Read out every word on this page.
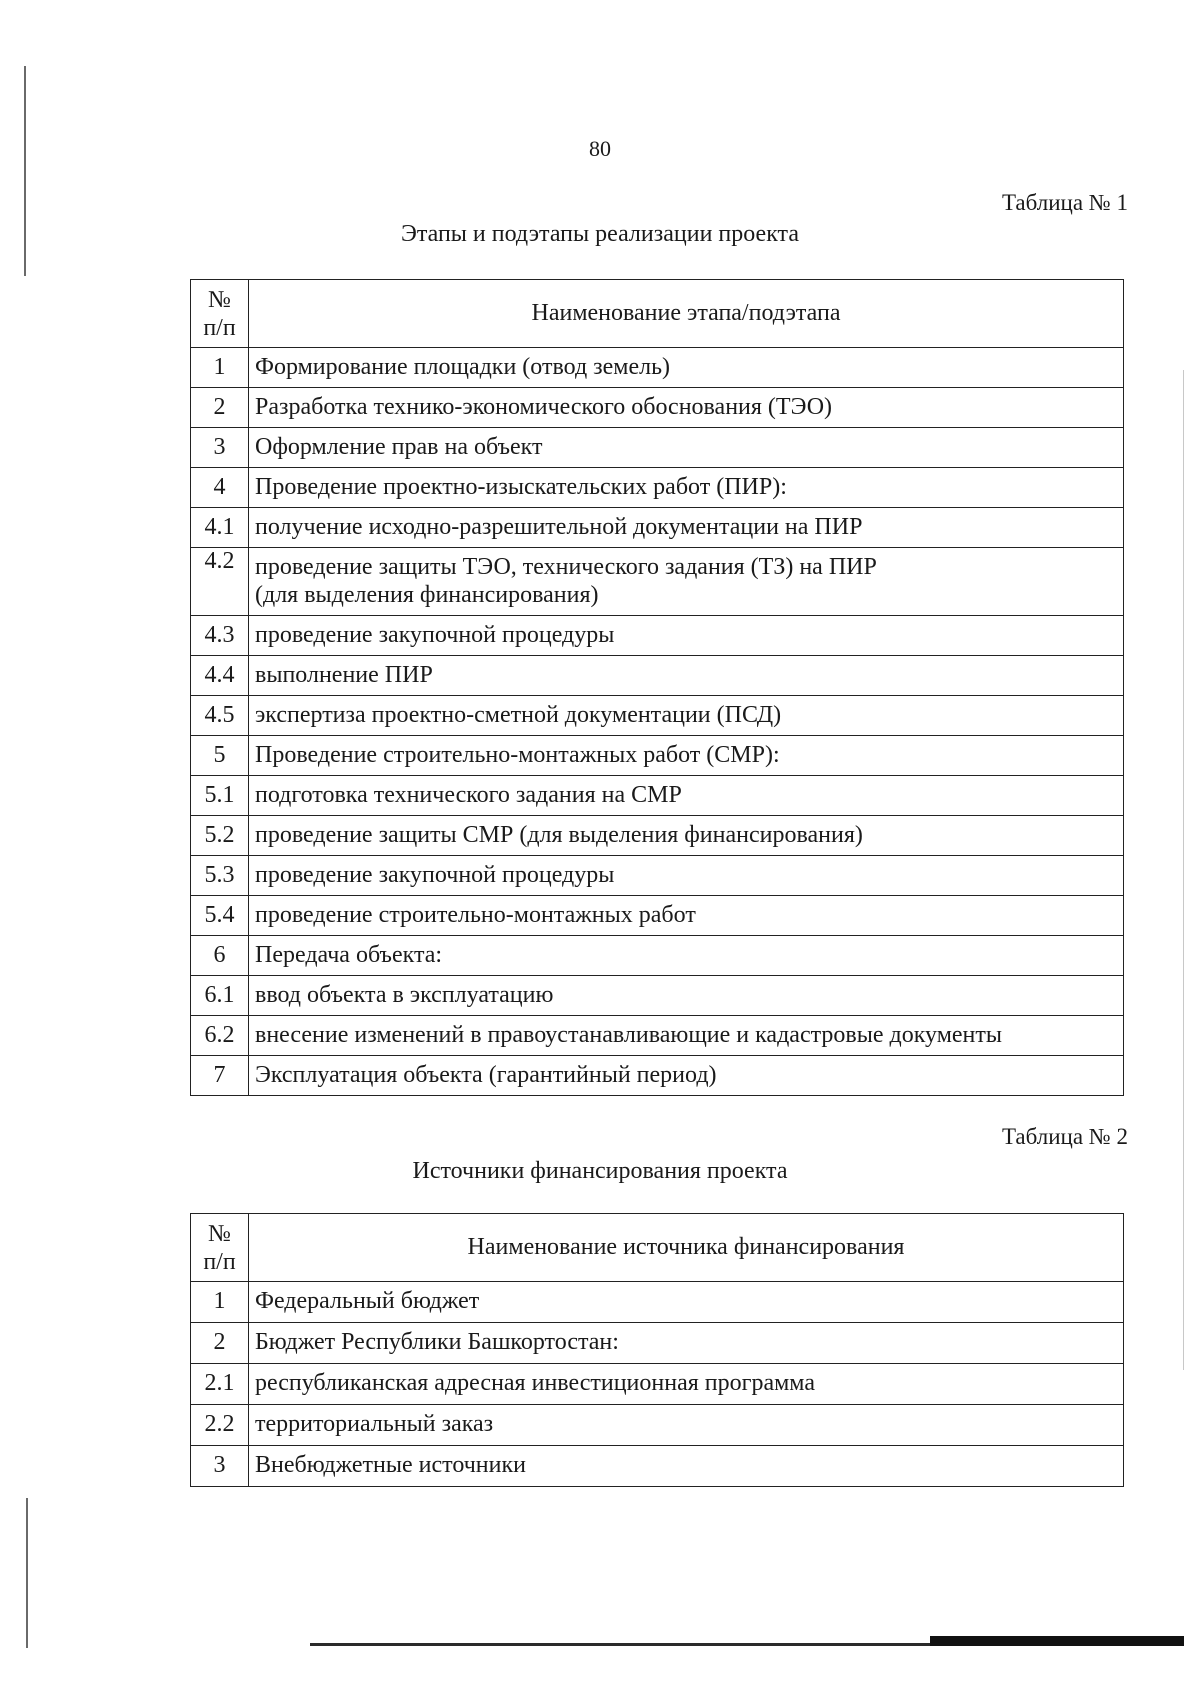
80
Таблица № 1
Этапы и подэтапы реализации проекта
№
п/п	Наименование этапа/подэтапа
1	Формирование площадки (отвод земель)

2	Разработка технико-экономического обоснования (ТЭО)

3	Оформление прав на объект

4	Проведение проектно-изыскательских работ (ПИР):

4.1	получение исходно-разрешительной документации на ПИР

4.2	проведение защиты ТЭО, технического задания (ТЗ) на ПИР
(для выделения финансирования)

4.3	проведение закупочной процедуры

4.4	выполнение ПИР

4.5	экспертиза проектно-сметной документации (ПСД)

5	Проведение строительно-монтажных работ (СМР):

5.1	подготовка технического задания на СМР

5.2	проведение защиты СМР (для выделения финансирования)

5.3	проведение закупочной процедуры

5.4	проведение строительно-монтажных работ

6	Передача объекта:

6.1	ввод объекта в эксплуатацию

6.2	внесение изменений в правоустанавливающие и кадастровые документы

7	Эксплуатация объекта (гарантийный период)
Таблица № 2
Источники финансирования проекта
№
п/п	Наименование источника финансирования
1	Федеральный бюджет

2	Бюджет Республики Башкортостан:

2.1	республиканская адресная инвестиционная программа

2.2	территориальный заказ

3	Внебюджетные источники
